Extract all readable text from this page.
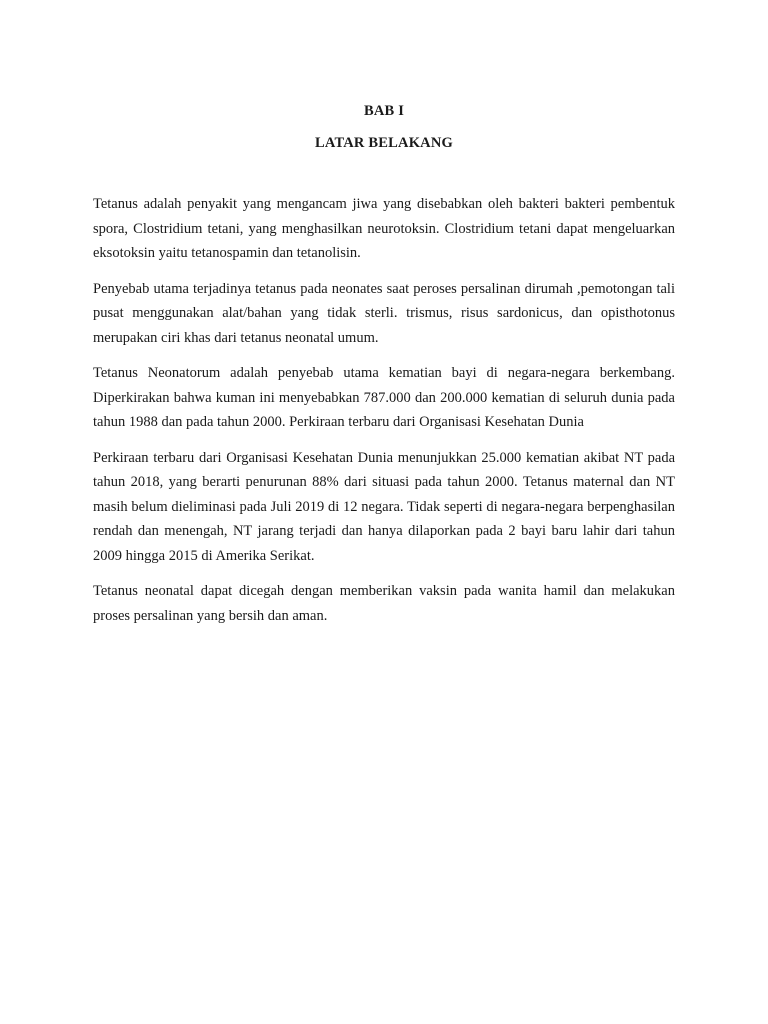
BAB I
LATAR BELAKANG

Tetanus adalah penyakit yang mengancam jiwa yang disebabkan oleh bakteri bakteri pembentuk spora, Clostridium tetani, yang menghasilkan neurotoksin. Clostridium tetani dapat mengeluarkan eksotoksin yaitu tetanospamin dan tetanolisin.

Penyebab utama terjadinya tetanus pada neonates saat peroses persalinan dirumah ,pemotongan tali pusat menggunakan alat/bahan yang tidak sterli. trismus, risus sardonicus, dan opisthotonus merupakan ciri khas dari tetanus neonatal umum.

Tetanus Neonatorum adalah penyebab utama kematian bayi di negara-negara berkembang. Diperkirakan bahwa kuman ini menyebabkan 787.000 dan 200.000 kematian di seluruh dunia pada tahun 1988 dan pada tahun 2000. Perkiraan terbaru dari Organisasi Kesehatan Dunia

Perkiraan terbaru dari Organisasi Kesehatan Dunia menunjukkan 25.000 kematian akibat NT pada tahun 2018, yang berarti penurunan 88% dari situasi pada tahun 2000. Tetanus maternal dan NT masih belum dieliminasi pada Juli 2019 di 12 negara. Tidak seperti di negara-negara berpenghasilan rendah dan menengah, NT jarang terjadi dan hanya dilaporkan pada 2 bayi baru lahir dari tahun 2009 hingga 2015 di Amerika Serikat.

Tetanus neonatal dapat dicegah dengan memberikan vaksin pada wanita hamil dan melakukan proses persalinan yang bersih dan aman.
